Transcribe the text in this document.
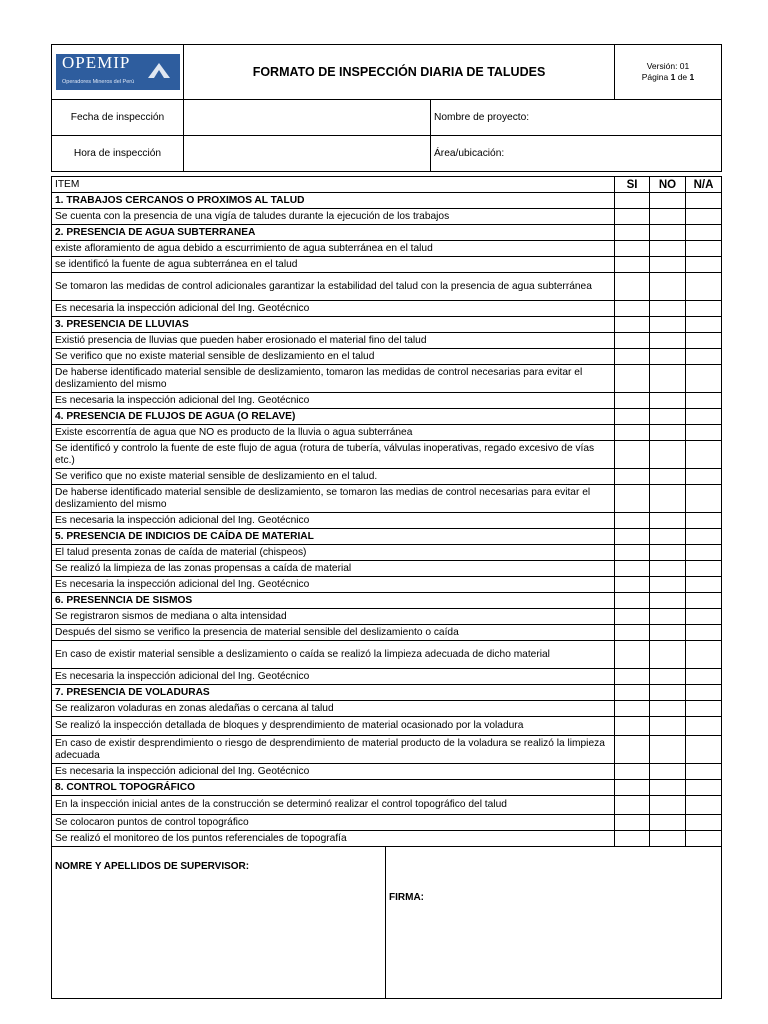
OPEMIP
Operadores Mineros del Perú
	FORMATO DE INSPECCIÓN DIARIA DE TALUDES	Versión: 01
Página 1 de 1
Fecha de inspección		Nombre de proyecto:
Hora de inspección		Área/ubicación:
ITEM	SI	NO	N/A
1. TRABAJOS CERCANOS O PROXIMOS AL TALUD			
Se cuenta con la presencia de una vigía de taludes durante la ejecución de los trabajos			
2. PRESENCIA DE AGUA SUBTERRANEA			
existe afloramiento de agua debido a escurrimiento de agua subterránea en el talud			
se identificó la fuente de agua subterránea en el talud			
Se tomaron las medidas de control adicionales garantizar la estabilidad del talud con la presencia de agua subterránea			
Es necesaria la inspección adicional del Ing. Geotécnico			
3. PRESENCIA DE LLUVIAS			
Existió presencia de lluvias que pueden haber erosionado el material fino del talud			
Se verifico que no existe material sensible de deslizamiento en el talud			
De haberse identificado material sensible de deslizamiento, tomaron las medidas de control necesarias para evitar el deslizamiento del mismo			
Es necesaria la inspección adicional del Ing. Geotécnico			
4. PRESENCIA DE FLUJOS DE AGUA (O RELAVE)			
Existe escorrentía de agua que NO es producto de la lluvia o agua subterránea			
Se identificó y controlo la fuente de este flujo de agua (rotura de tubería, válvulas inoperativas, regado excesivo de vías etc.)			
Se verifico que no existe material sensible de deslizamiento en el talud.			
De haberse identificado material sensible de deslizamiento, se tomaron las medias de control necesarias para evitar el deslizamiento del mismo			
Es necesaria la inspección adicional del Ing. Geotécnico			
5. PRESENCIA DE INDICIOS DE CAÍDA DE MATERIAL			
El talud presenta zonas de caída de material (chispeos)			
Se realizó la limpieza de las zonas propensas a caída de material			
Es necesaria la inspección adicional del Ing. Geotécnico			
6. PRESENNCIA DE SISMOS			
Se registraron sismos de mediana o alta intensidad			
Después del sismo se verifico la presencia de material sensible del deslizamiento o caída			
En caso de existir material sensible a deslizamiento o caída se realizó la limpieza adecuada de dicho material			
Es necesaria la inspección adicional del Ing. Geotécnico			
7. PRESENCIA DE VOLADURAS			
Se realizaron voladuras en zonas aledañas o cercana al talud			
Se realizó la inspección detallada de bloques y desprendimiento de material ocasionado por la voladura			
En caso de existir desprendimiento o riesgo de desprendimiento de material producto de la voladura se realizó la limpieza adecuada			
Es necesaria la inspección adicional del Ing. Geotécnico			
8. CONTROL TOPOGRÁFICO			
En la inspección inicial antes de la construcción se determinó realizar el control topográfico del talud			
Se colocaron puntos de control topográfico			
Se realizó el monitoreo de los puntos referenciales de topografía			
NOMRE Y APELLIDOS DE SUPERVISOR:	FIRMA:
